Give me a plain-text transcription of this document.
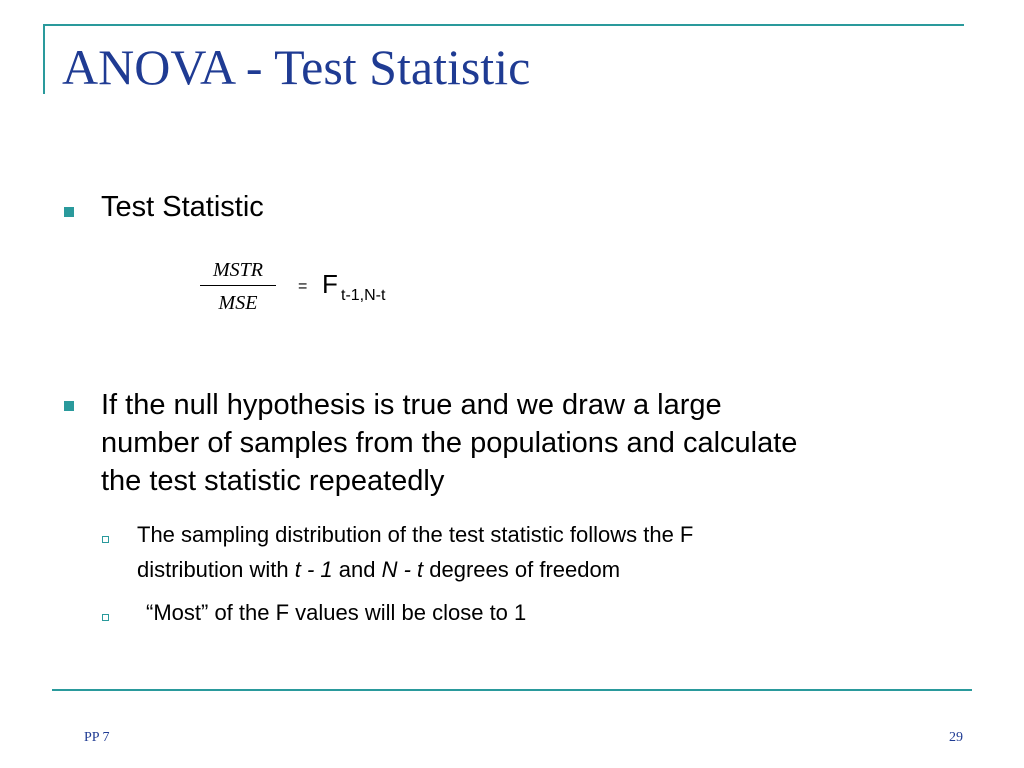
ANOVA - Test Statistic
Test Statistic
MSTR
MSE
= F t-1,N-t
If the null hypothesis is true and we draw a large
number of samples from the populations and calculate
the test statistic repeatedly
The sampling distribution of the test statistic follows the F
distribution with t - 1 and N - t degrees of freedom
“Most” of the F values will be close to 1
PP 7	29
